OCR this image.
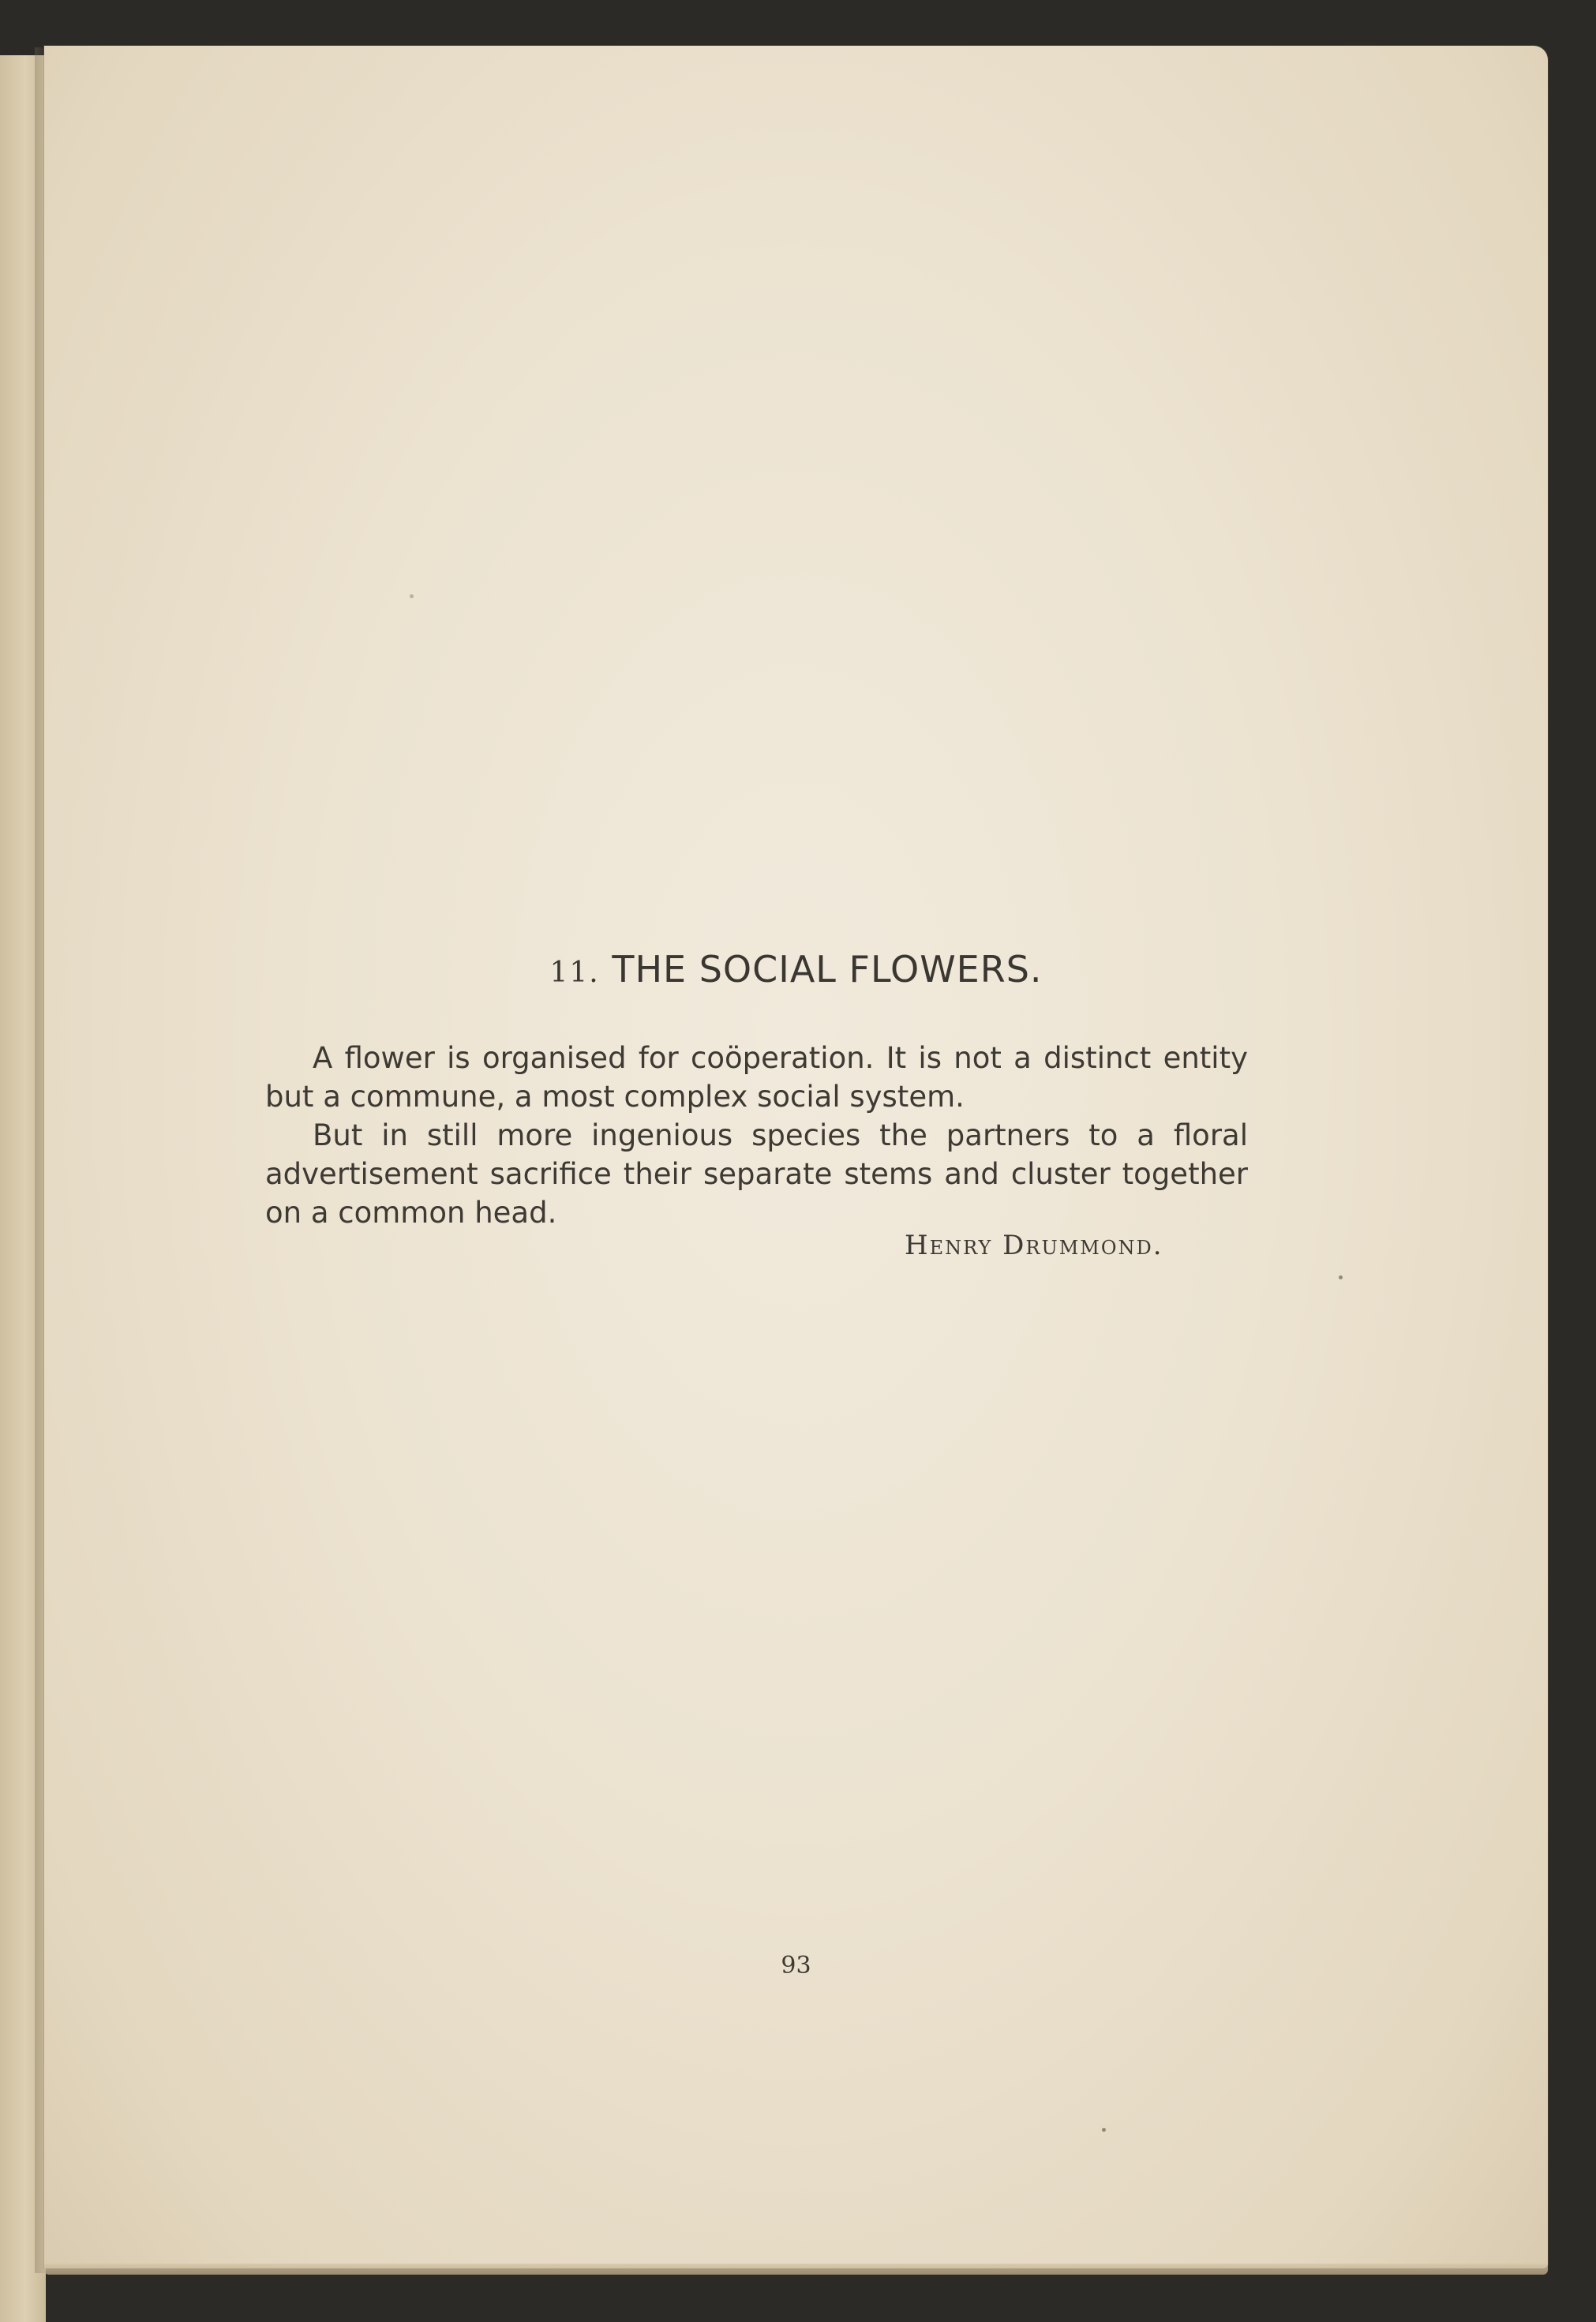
11. THE SOCIAL FLOWERS.

A flower is organised for coöperation. It is not a distinct entity but a commune, a most complex social system.

But in still more ingenious species the partners to a floral advertisement sacrifice their separate stems and cluster together on a common head.

Henry Drummond.
93
